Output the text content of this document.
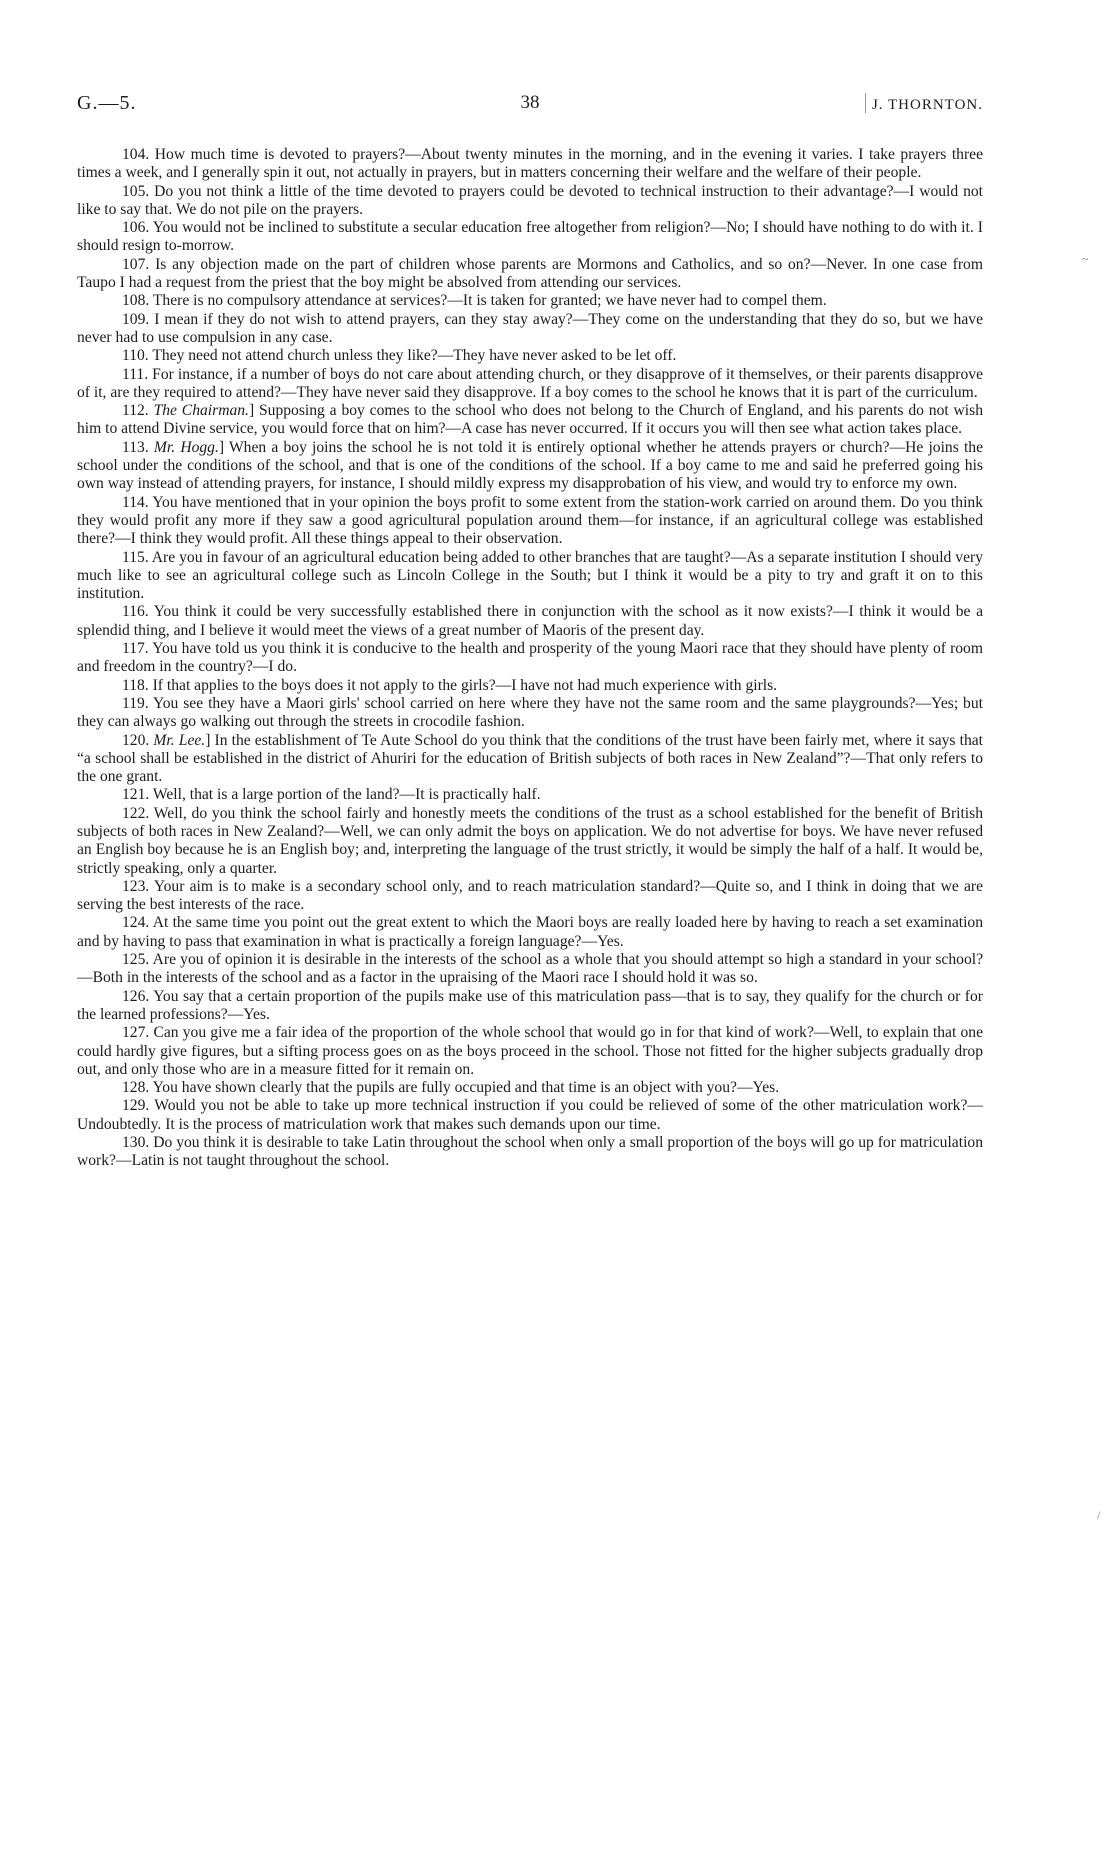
G.—5.	38	J. THORNTON.

104. How much time is devoted to prayers?—About twenty minutes in the morning, and in the evening it varies. I take prayers three times a week, and I generally spin it out, not actually in prayers, but in matters concerning their welfare and the welfare of their people.

105. Do you not think a little of the time devoted to prayers could be devoted to technical instruction to their advantage?—I would not like to say that. We do not pile on the prayers.

106. You would not be inclined to substitute a secular education free altogether from religion?—No; I should have nothing to do with it. I should resign to-morrow.

107. Is any objection made on the part of children whose parents are Mormons and Catholics, and so on?—Never. In one case from Taupo I had a request from the priest that the boy might be absolved from attending our services.

108. There is no compulsory attendance at services?—It is taken for granted; we have never had to compel them.

109. I mean if they do not wish to attend prayers, can they stay away?—They come on the understanding that they do so, but we have never had to use compulsion in any case.

110. They need not attend church unless they like?—They have never asked to be let off.

111. For instance, if a number of boys do not care about attending church, or they disapprove of it themselves, or their parents disapprove of it, are they required to attend?—They have never said they disapprove. If a boy comes to the school he knows that it is part of the curriculum.

112. The Chairman.] Supposing a boy comes to the school who does not belong to the Church of England, and his parents do not wish him to attend Divine service, you would force that on him?—A case has never occurred. If it occurs you will then see what action takes place.

113. Mr. Hogg.] When a boy joins the school he is not told it is entirely optional whether he attends prayers or church?—He joins the school under the conditions of the school, and that is one of the conditions of the school. If a boy came to me and said he preferred going his own way instead of attending prayers, for instance, I should mildly express my disapprobation of his view, and would try to enforce my own.

114. You have mentioned that in your opinion the boys profit to some extent from the station-work carried on around them. Do you think they would profit any more if they saw a good agricultural population around them—for instance, if an agricultural college was established there?—I think they would profit. All these things appeal to their observation.

115. Are you in favour of an agricultural education being added to other branches that are taught?—As a separate institution I should very much like to see an agricultural college such as Lincoln College in the South; but I think it would be a pity to try and graft it on to this institution.

116. You think it could be very successfully established there in conjunction with the school as it now exists?—I think it would be a splendid thing, and I believe it would meet the views of a great number of Maoris of the present day.

117. You have told us you think it is conducive to the health and prosperity of the young Maori race that they should have plenty of room and freedom in the country?—I do.

118. If that applies to the boys does it not apply to the girls?—I have not had much experience with girls.

119. You see they have a Maori girls' school carried on here where they have not the same room and the same playgrounds?—Yes; but they can always go walking out through the streets in crocodile fashion.

120. Mr. Lee.] In the establishment of Te Aute School do you think that the conditions of the trust have been fairly met, where it says that “a school shall be established in the district of Ahuriri for the education of British subjects of both races in New Zealand”?—That only refers to the one grant.

121. Well, that is a large portion of the land?—It is practically half.

122. Well, do you think the school fairly and honestly meets the conditions of the trust as a school established for the benefit of British subjects of both races in New Zealand?—Well, we can only admit the boys on application. We do not advertise for boys. We have never refused an English boy because he is an English boy; and, interpreting the language of the trust strictly, it would be simply the half of a half. It would be, strictly speaking, only a quarter.

123. Your aim is to make is a secondary school only, and to reach matriculation standard?—Quite so, and I think in doing that we are serving the best interests of the race.

124. At the same time you point out the great extent to which the Maori boys are really loaded here by having to reach a set examination and by having to pass that examination in what is practically a foreign language?—Yes.

125. Are you of opinion it is desirable in the interests of the school as a whole that you should attempt so high a standard in your school?—Both in the interests of the school and as a factor in the upraising of the Maori race I should hold it was so.

126. You say that a certain proportion of the pupils make use of this matriculation pass—that is to say, they qualify for the church or for the learned professions?—Yes.

127. Can you give me a fair idea of the proportion of the whole school that would go in for that kind of work?—Well, to explain that one could hardly give figures, but a sifting process goes on as the boys proceed in the school. Those not fitted for the higher subjects gradually drop out, and only those who are in a measure fitted for it remain on.

128. You have shown clearly that the pupils are fully occupied and that time is an object with you?—Yes.

129. Would you not be able to take up more technical instruction if you could be relieved of some of the other matriculation work?—Undoubtedly. It is the process of matriculation work that makes such demands upon our time.

130. Do you think it is desirable to take Latin throughout the school when only a small proportion of the boys will go up for matriculation work?—Latin is not taught throughout the school.

~
/
